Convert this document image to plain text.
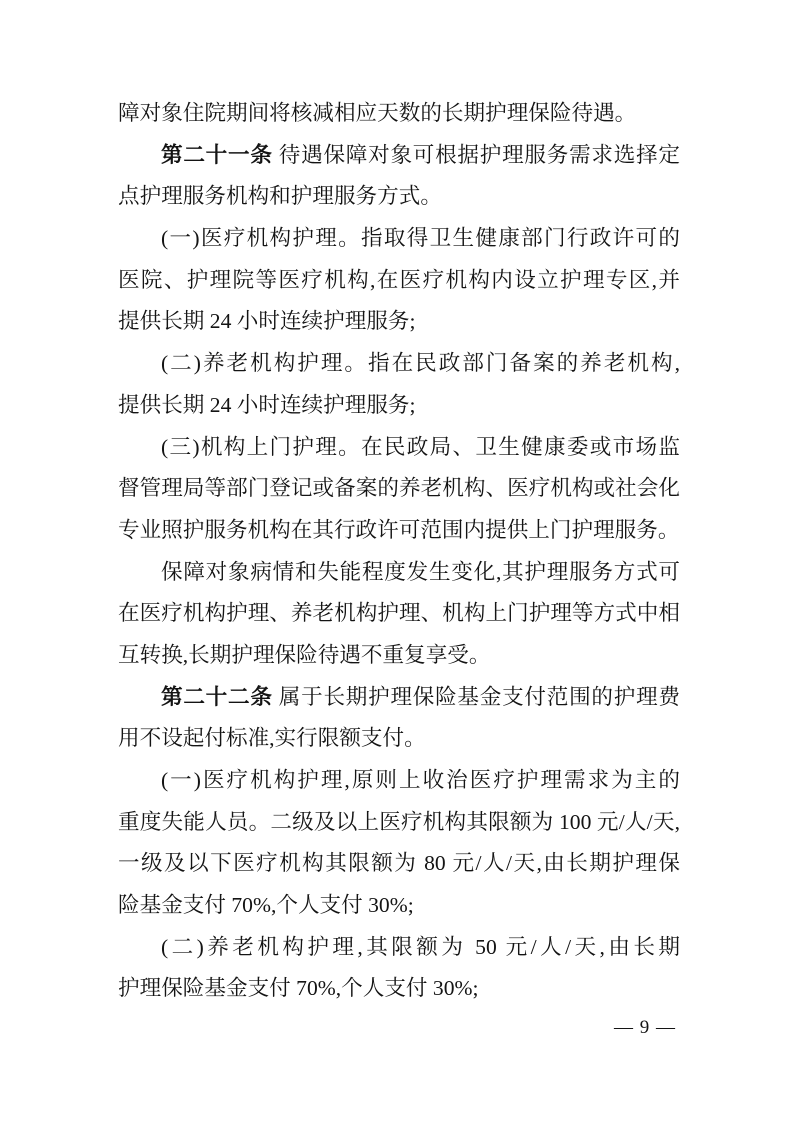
障对象住院期间将核减相应天数的长期护理保险待遇。
第二十一条 待遇保障对象可根据护理服务需求选择定
点护理服务机构和护理服务方式。
(一)医疗机构护理。指取得卫生健康部门行政许可的
医院、护理院等医疗机构,在医疗机构内设立护理专区,并
提供长期 24 小时连续护理服务;
(二)养老机构护理。指在民政部门备案的养老机构,
提供长期 24 小时连续护理服务;
(三)机构上门护理。在民政局、卫生健康委或市场监
督管理局等部门登记或备案的养老机构、医疗机构或社会化
专业照护服务机构在其行政许可范围内提供上门护理服务。
保障对象病情和失能程度发生变化,其护理服务方式可
在医疗机构护理、养老机构护理、机构上门护理等方式中相
互转换,长期护理保险待遇不重复享受。
第二十二条 属于长期护理保险基金支付范围的护理费
用不设起付标准,实行限额支付。
(一)医疗机构护理,原则上收治医疗护理需求为主的
重度失能人员。二级及以上医疗机构其限额为 100 元/人/天,
一级及以下医疗机构其限额为 80 元/人/天,由长期护理保
险基金支付 70%,个人支付 30%;
(二)养老机构护理,其限额为 50 元/人/天,由长期
护理保险基金支付 70%,个人支付 30%;
— 9 —
